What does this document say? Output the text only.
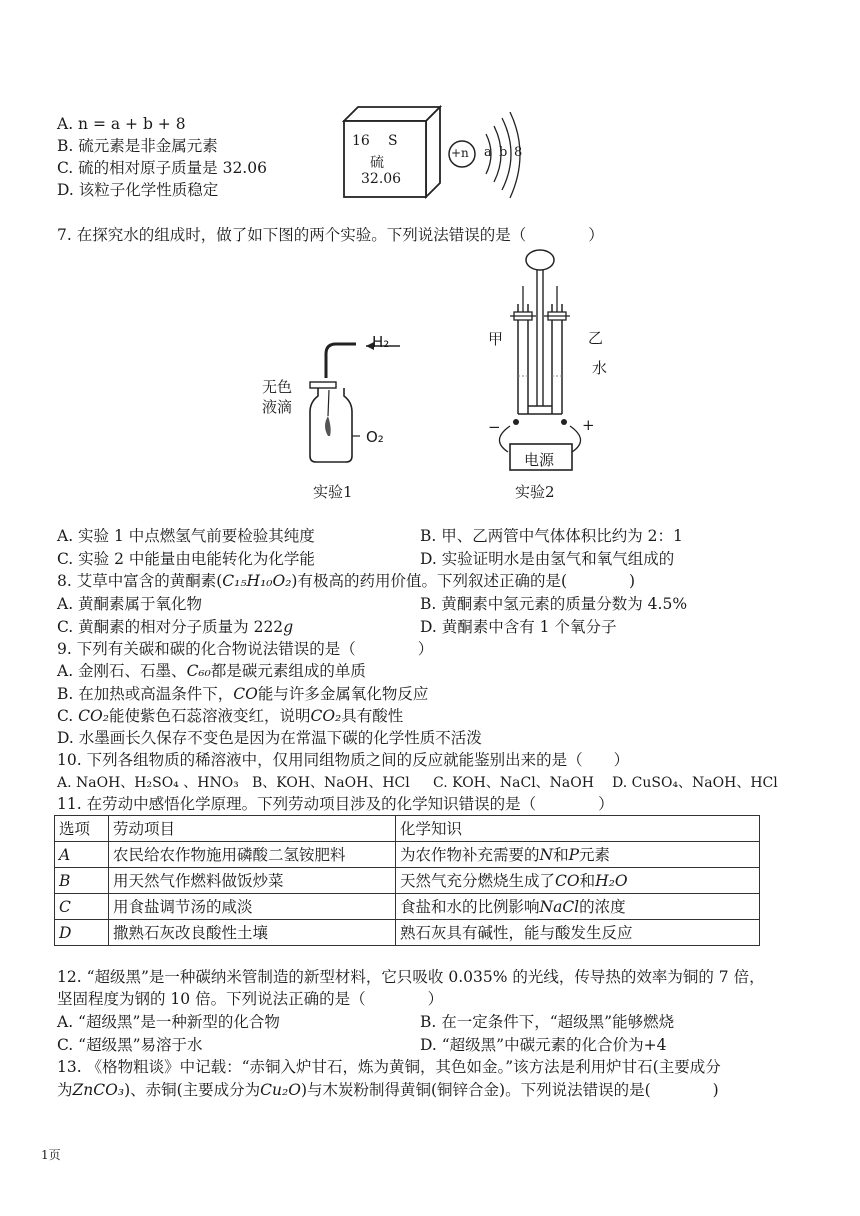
A. n = a + b + 8
B. 硫元素是非金属元素
C. 硫的相对原子质量是 32.06
D. 该粒子化学性质稳定
16 S
硫
32.06
+n a b 8
7. 在探究水的组成时，做了如下图的两个实验。下列说法错误的是（　　　　）
H₂
无色
液滴
O₂
实验1
甲	乙
水
−	+
电源
实验2
A. 实验 1 中点燃氢气前要检验其纯度	B. 甲、乙两管中气体体积比约为 2：1
C. 实验 2 中能量由电能转化为化学能	D. 实验证明水是由氢气和氧气组成的
8. 艾草中富含的黄酮素(C₁₅H₁₀O₂)有极高的药用价值。下列叙述正确的是(　　　　)
A. 黄酮素属于氧化物	B. 黄酮素中氢元素的质量分数为 4.5%
C. 黄酮素的相对分子质量为 222g	D. 黄酮素中含有 1 个氧分子
9. 下列有关碳和碳的化合物说法错误的是（　　　　）
A. 金刚石、石墨、C₆₀都是碳元素组成的单质
B. 在加热或高温条件下，CO能与许多金属氧化物反应
C. CO₂能使紫色石蕊溶液变红，说明CO₂具有酸性
D. 水墨画长久保存不变色是因为在常温下碳的化学性质不活泼
10. 下列各组物质的稀溶液中，仅用同组物质之间的反应就能鉴别出来的是（　　）
A. NaOH、H₂SO₄ 、HNO₃ B、KOH、NaOH、HCl C. KOH、NaCl、NaOH D. CuSO₄、NaOH、HCl
11. 在劳动中感悟化学原理。下列劳动项目涉及的化学知识错误的是（　　　　）
选项	劳动项目	化学知识
A	农民给农作物施用磷酸二氢铵肥料	为农作物补充需要的N和P元素
B	用天然气作燃料做饭炒菜	天然气充分燃烧生成了CO和H₂O
C	用食盐调节汤的咸淡	食盐和水的比例影响NaCl的浓度
D	撒熟石灰改良酸性土壤	熟石灰具有碱性，能与酸发生反应
12. “超级黑”是一种碳纳米管制造的新型材料，它只吸收 0.035% 的光线，传导热的效率为铜的 7 倍，
坚固程度为钢的 10 倍。下列说法正确的是（　　　　）
A. “超级黑”是一种新型的化合物	B. 在一定条件下，“超级黑”能够燃烧
C. “超级黑”易溶于水	D. “超级黑”中碳元素的化合价为+4
13. 《格物粗谈》中记载：“赤铜入炉甘石，炼为黄铜，其色如金。”该方法是利用炉甘石(主要成分
为ZnCO₃)、赤铜(主要成分为Cu₂O)与木炭粉制得黄铜(铜锌合金)。下列说法错误的是(　　　　)
1页
